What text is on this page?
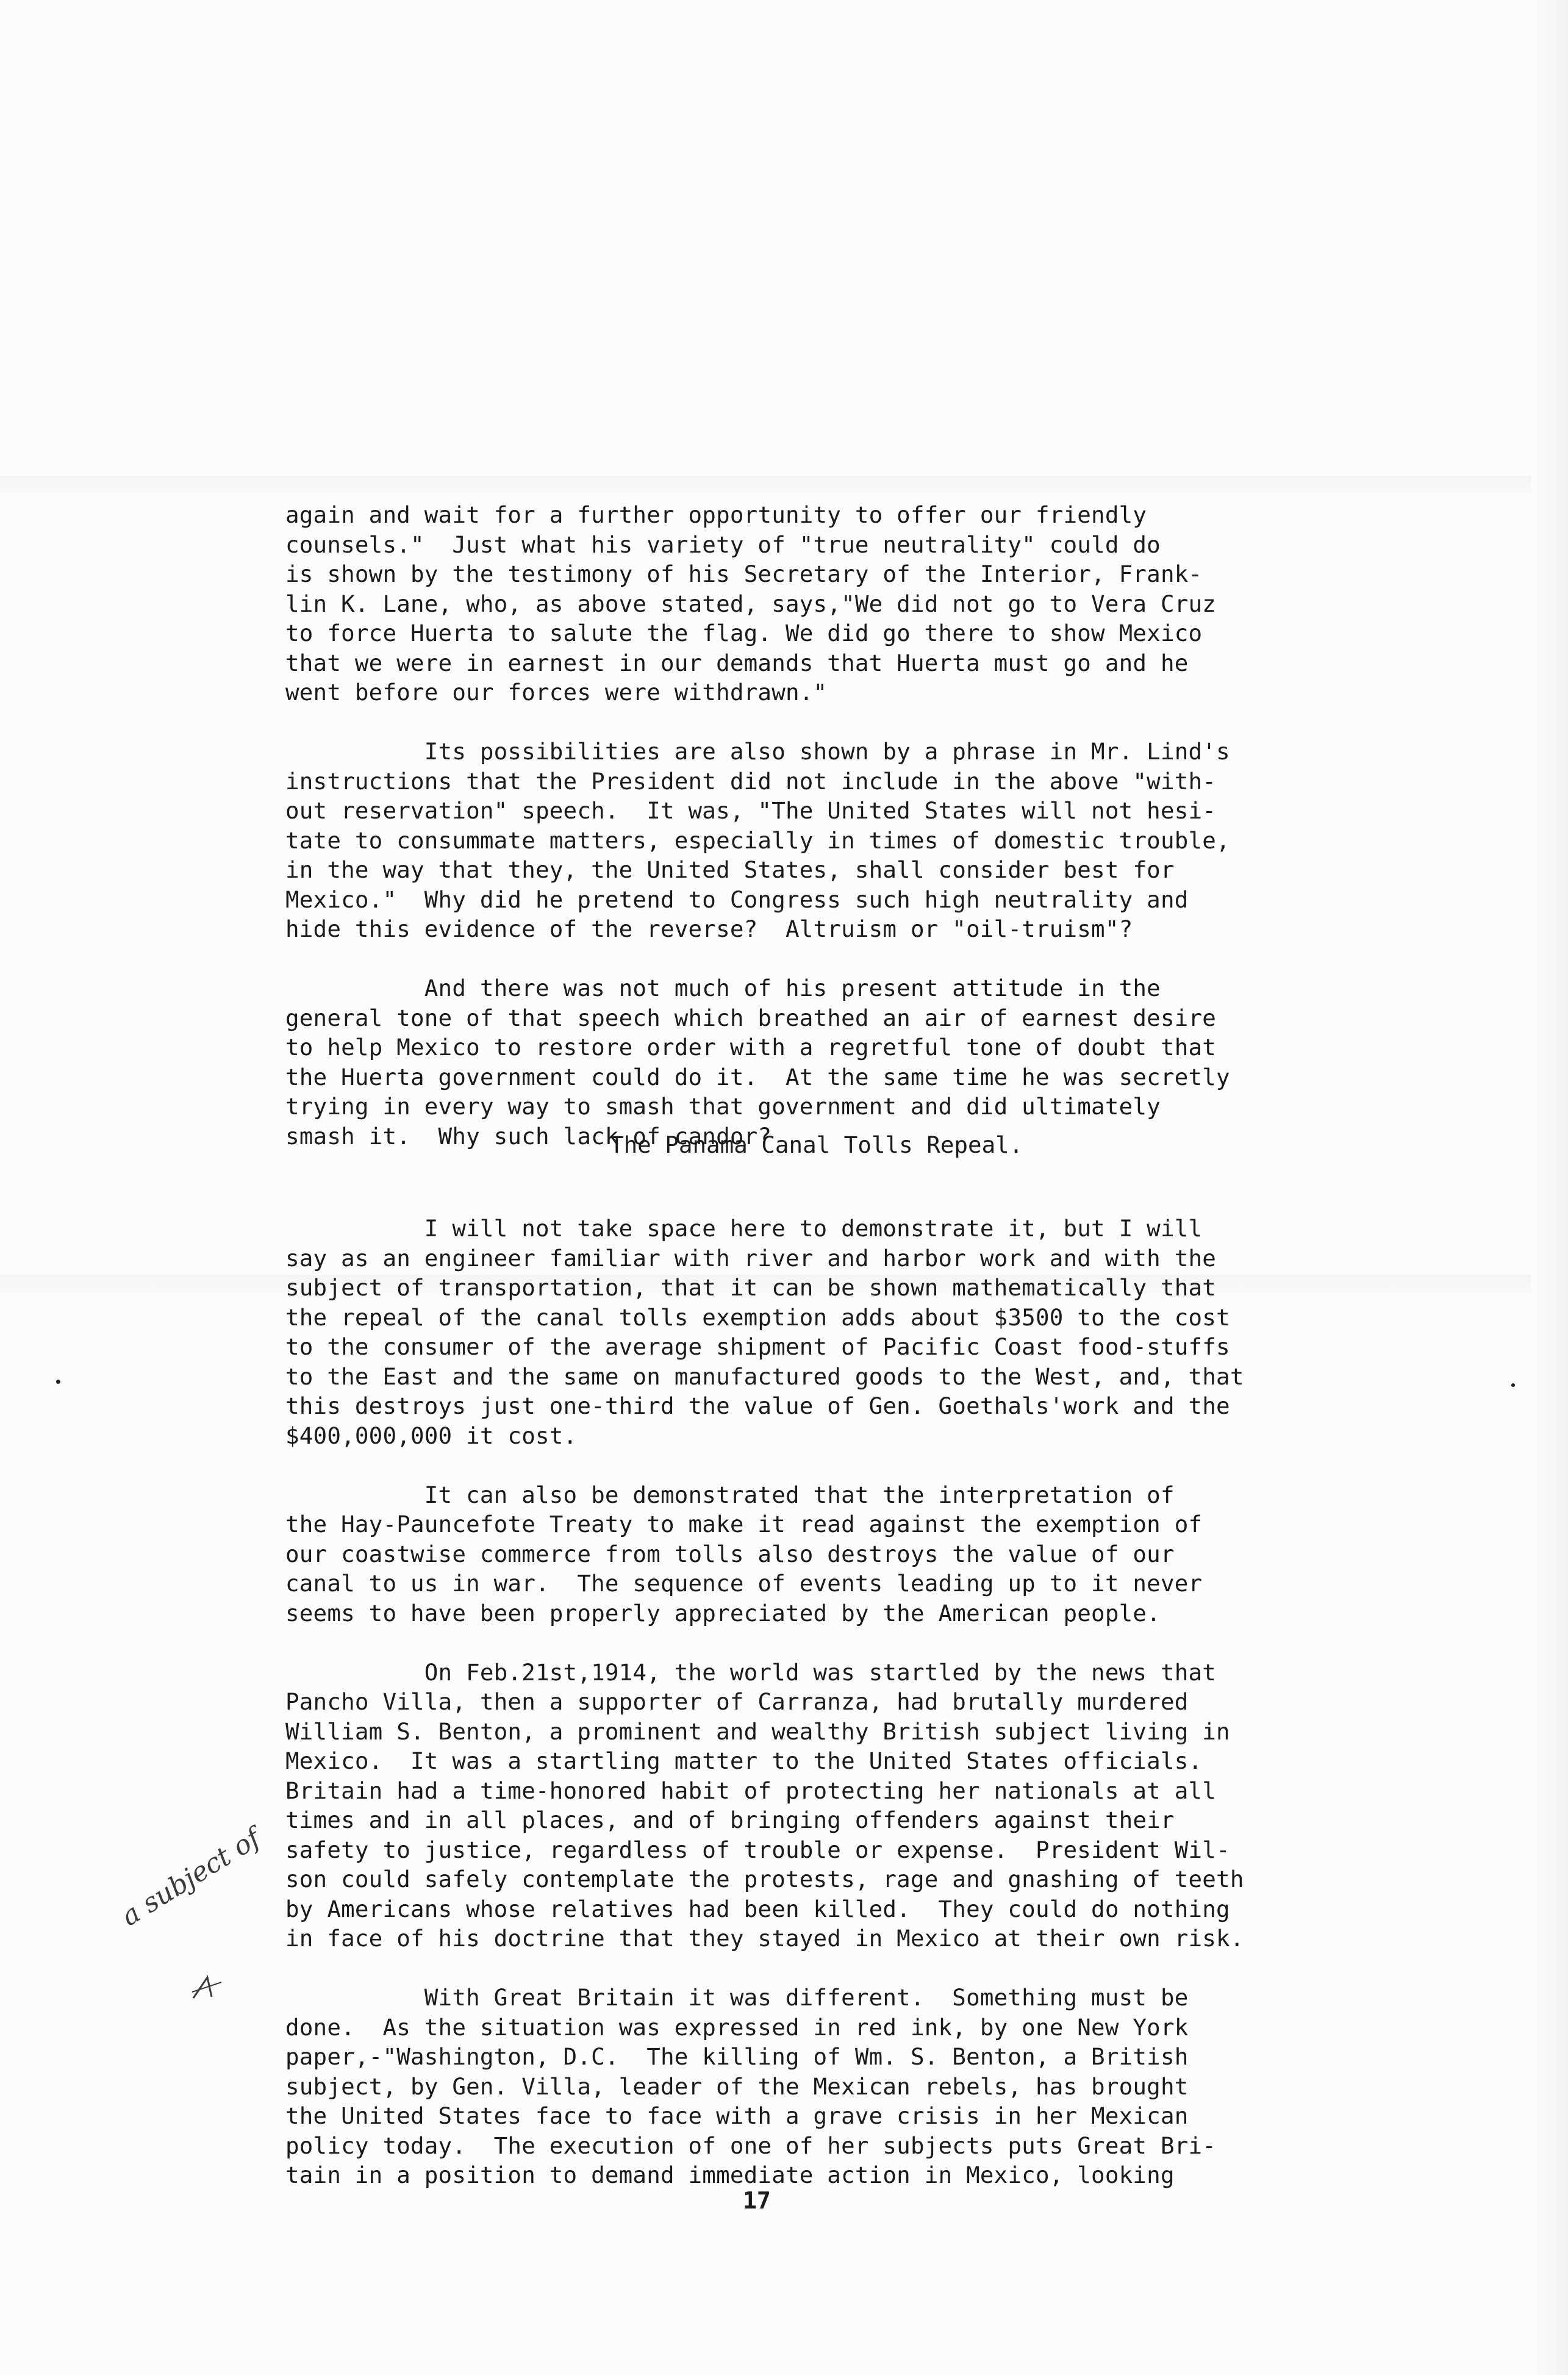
again and wait for a further opportunity to offer our friendly
counsels."  Just what his variety of "true neutrality" could do
is shown by the testimony of his Secretary of the Interior, Frank-
lin K. Lane, who, as above stated, says,"We did not go to Vera Cruz
to force Huerta to salute the flag. We did go there to show Mexico
that we were in earnest in our demands that Huerta must go and he
went before our forces were withdrawn."

Its possibilities are also shown by a phrase in Mr. Lind's
instructions that the President did not include in the above "with-
out reservation" speech.  It was, "The United States will not hesi-
tate to consummate matters, especially in times of domestic trouble,
in the way that they, the United States, shall consider best for
Mexico."  Why did he pretend to Congress such high neutrality and
hide this evidence of the reverse?  Altruism or "oil-truism"?

And there was not much of his present attitude in the
general tone of that speech which breathed an air of earnest desire
to help Mexico to restore order with a regretful tone of doubt that
the Huerta government could do it.  At the same time he was secretly
trying in every way to smash that government and did ultimately
smash it.  Why such lack of candor?
The Panama Canal Tolls Repeal.
I will not take space here to demonstrate it, but I will
say as an engineer familiar with river and harbor work and with the
subject of transportation, that it can be shown mathematically that
the repeal of the canal tolls exemption adds about $3500 to the cost
to the consumer of the average shipment of Pacific Coast food-stuffs
to the East and the same on manufactured goods to the West, and, that
this destroys just one-third the value of Gen. Goethals'work and the
$400,000,000 it cost.

It can also be demonstrated that the interpretation of
the Hay-Pauncefote Treaty to make it read against the exemption of
our coastwise commerce from tolls also destroys the value of our
canal to us in war.  The sequence of events leading up to it never
seems to have been properly appreciated by the American people.

On Feb.21st,1914, the world was startled by the news that
Pancho Villa, then a supporter of Carranza, had brutally murdered
William S. Benton, a prominent and wealthy British subject living in
Mexico.  It was a startling matter to the United States officials.
Britain had a time-honored habit of protecting her nationals at all
times and in all places, and of bringing offenders against their
safety to justice, regardless of trouble or expense.  President Wil-
son could safely contemplate the protests, rage and gnashing of teeth
by Americans whose relatives had been killed.  They could do nothing
in face of his doctrine that they stayed in Mexico at their own risk.

With Great Britain it was different.  Something must be
done.  As the situation was expressed in red ink, by one New York
paper,-"Washington, D.C.  The killing of Wm. S. Benton, a British
subject, by Gen. Villa, leader of the Mexican rebels, has brought
the United States face to face with a grave crisis in her Mexican
policy today.  The execution of one of her subjects puts Great Bri-
tain in a position to demand immediate action in Mexico, looking
a subject of
17
